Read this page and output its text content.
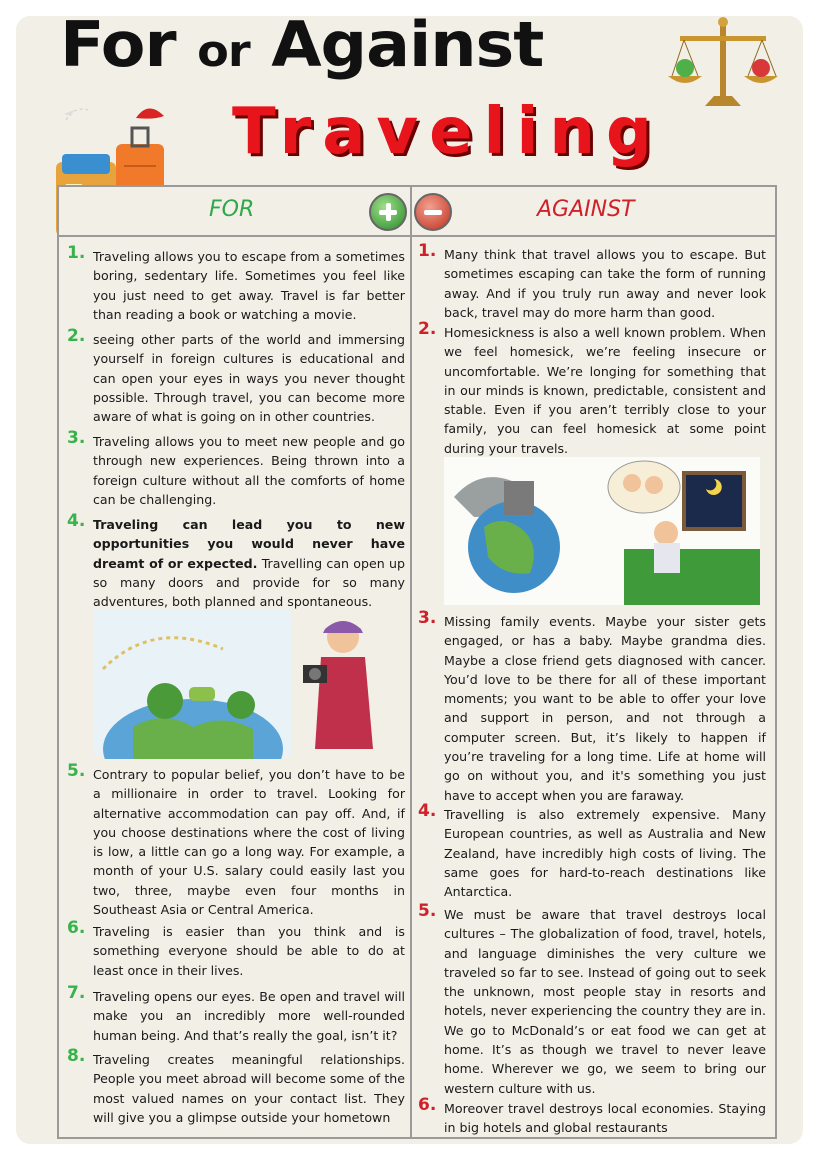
For or Against
Traveling
FOR	AGAINST
1. Traveling allows you to escape from a sometimes boring, sedentary life. Sometimes you feel like you just need to get away. Travel is far better than reading a book or watching a movie.
2. seeing other parts of the world and immersing yourself in foreign cultures is educational and can open your eyes in ways you never thought possible. Through travel, you can become more aware of what is going on in other countries.
3. Traveling allows you to meet new people and go through new experiences. Being thrown into a foreign culture without all the comforts of home can be challenging.
4. Traveling can lead you to new opportunities you would never have dreamt of or expected. Travelling can open up so many doors and provide for so many adventures, both planned and spontaneous.
5. Contrary to popular belief, you don’t have to be a millionaire in order to travel. Looking for alternative accommodation can pay off. And, if you choose destinations where the cost of living is low, a little can go a long way. For example, a month of your U.S. salary could easily last you two, three, maybe even four months in Southeast Asia or Central America.
6. Traveling is easier than you think and is something everyone should be able to do at least once in their lives.
7. Traveling opens our eyes. Be open and travel will make you an incredibly more well-rounded human being. And that’s really the goal, isn’t it?
8. Traveling creates meaningful relationships. People you meet abroad will become some of the most valued names on your contact list. They will give you a glimpse outside your hometown
1. Many think that travel allows you to escape. But sometimes escaping can take the form of running away. And if you truly run away and never look back, travel may do more harm than good.
2. Homesickness is also a well known problem. When we feel homesick, we’re feeling insecure or uncomfortable. We’re longing for something that in our minds is known, predictable, consistent and stable. Even if you aren’t terribly close to your family, you can feel homesick at some point during your travels.
3. Missing family events. Maybe your sister gets engaged, or has a baby. Maybe grandma dies. Maybe a close friend gets diagnosed with cancer. You’d love to be there for all of these important moments; you want to be able to offer your love and support in person, and not through a computer screen. But, it’s likely to happen if you’re traveling for a long time. Life at home will go on without you, and it's something you just have to accept when you are faraway.
4. Travelling is also extremely expensive. Many European countries, as well as Australia and New Zealand, have incredibly high costs of living. The same goes for hard-to-reach destinations like Antarctica.
5. We must be aware that travel destroys local cultures – The globalization of food, travel, hotels, and language diminishes the very culture we traveled so far to see. Instead of going out to seek the unknown, most people stay in resorts and hotels, never experiencing the country they are in. We go to McDonald’s or eat food we can get at home. It’s as though we travel to never leave home. Wherever we go, we seem to bring our western culture with us.
6. Moreover travel destroys local economies. Staying in big hotels and global restaurants
